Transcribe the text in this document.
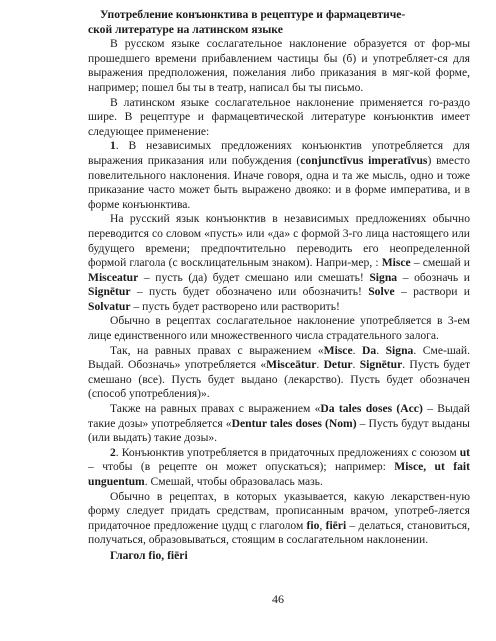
Употребление конъюнктива в рецептуре и фармацевтиче-
ской литературе на латинском языке

В русском языке сослагательное наклонение образуется от фор-мы прошедшего времени прибавлением частицы бы (б) и употребляет-ся для выражения предположения, пожелания либо приказания в мяг-кой форме, например; пошел бы ты в театр, написал бы ты письмо.

В латинском языке сослагательное наклонение применяется го-раздо шире. В рецептуре и фармацевтической литературе конъюнктив имеет следующее применение:

1. В независимых предложениях конъюнктив употребляется для выражения приказания или побуждения (conjunctīvus imperatīvus) вместо повелительного наклонения. Иначе говоря, одна и та же мысль, одно и тоже приказание часто может быть выражено двояко: и в форме императива, и в форме конъюнктива.

На русский язык конъюнктив в независимых предложениях обычно переводится со словом «пусть» или «да» с формой 3-го лица настоящего или будущего времени; предпочтительно переводить его неопределенной формой глагола (с восклицательным знаком). Напри-мер, : Misce – смешай и Misceatur – пусть (да) будет смешано или смешать! Signa – обозначь и Signētur – пусть будет обозначено или обозначить! Solve – раствори и Solvatur – пусть будет растворено или растворить!

Обычно в рецептах сослагательное наклонение употребляется в 3-ем лице единственного или множественного числа страдательного залога.

Так, на равных правах с выражением «Misce. Da. Signa. Сме-шай. Выдай. Обозначь» употребляется «Misceātur. Detur. Signētur. Пусть будет смешано (все). Пусть будет выдано (лекарство). Пусть будет обозначен (способ употребления)».

Также на равных правах с выражением «Da tales doses (Acc) – Выдай такие дозы» употребляется «Dentur tales doses (Nom) – Пусть будут выданы (или выдать) такие дозы».

2. Конъюнктив употребляется в придаточных предложениях с союзом ut – чтобы (в рецепте он может опускаться); например: Misce, ut fait unguentum. Смешай, чтобы образовалась мазь.

Обычно в рецептах, в которых указывается, какую лекарствен-ную форму следует придать средствам, прописанным врачом, употреб-ляется придаточное предложение цудщ с глаголом fio, fiēri – делаться, становиться, получаться, образовываться, стоящим в сослагательном наклонении.

Глагол fio, fiēri
46
